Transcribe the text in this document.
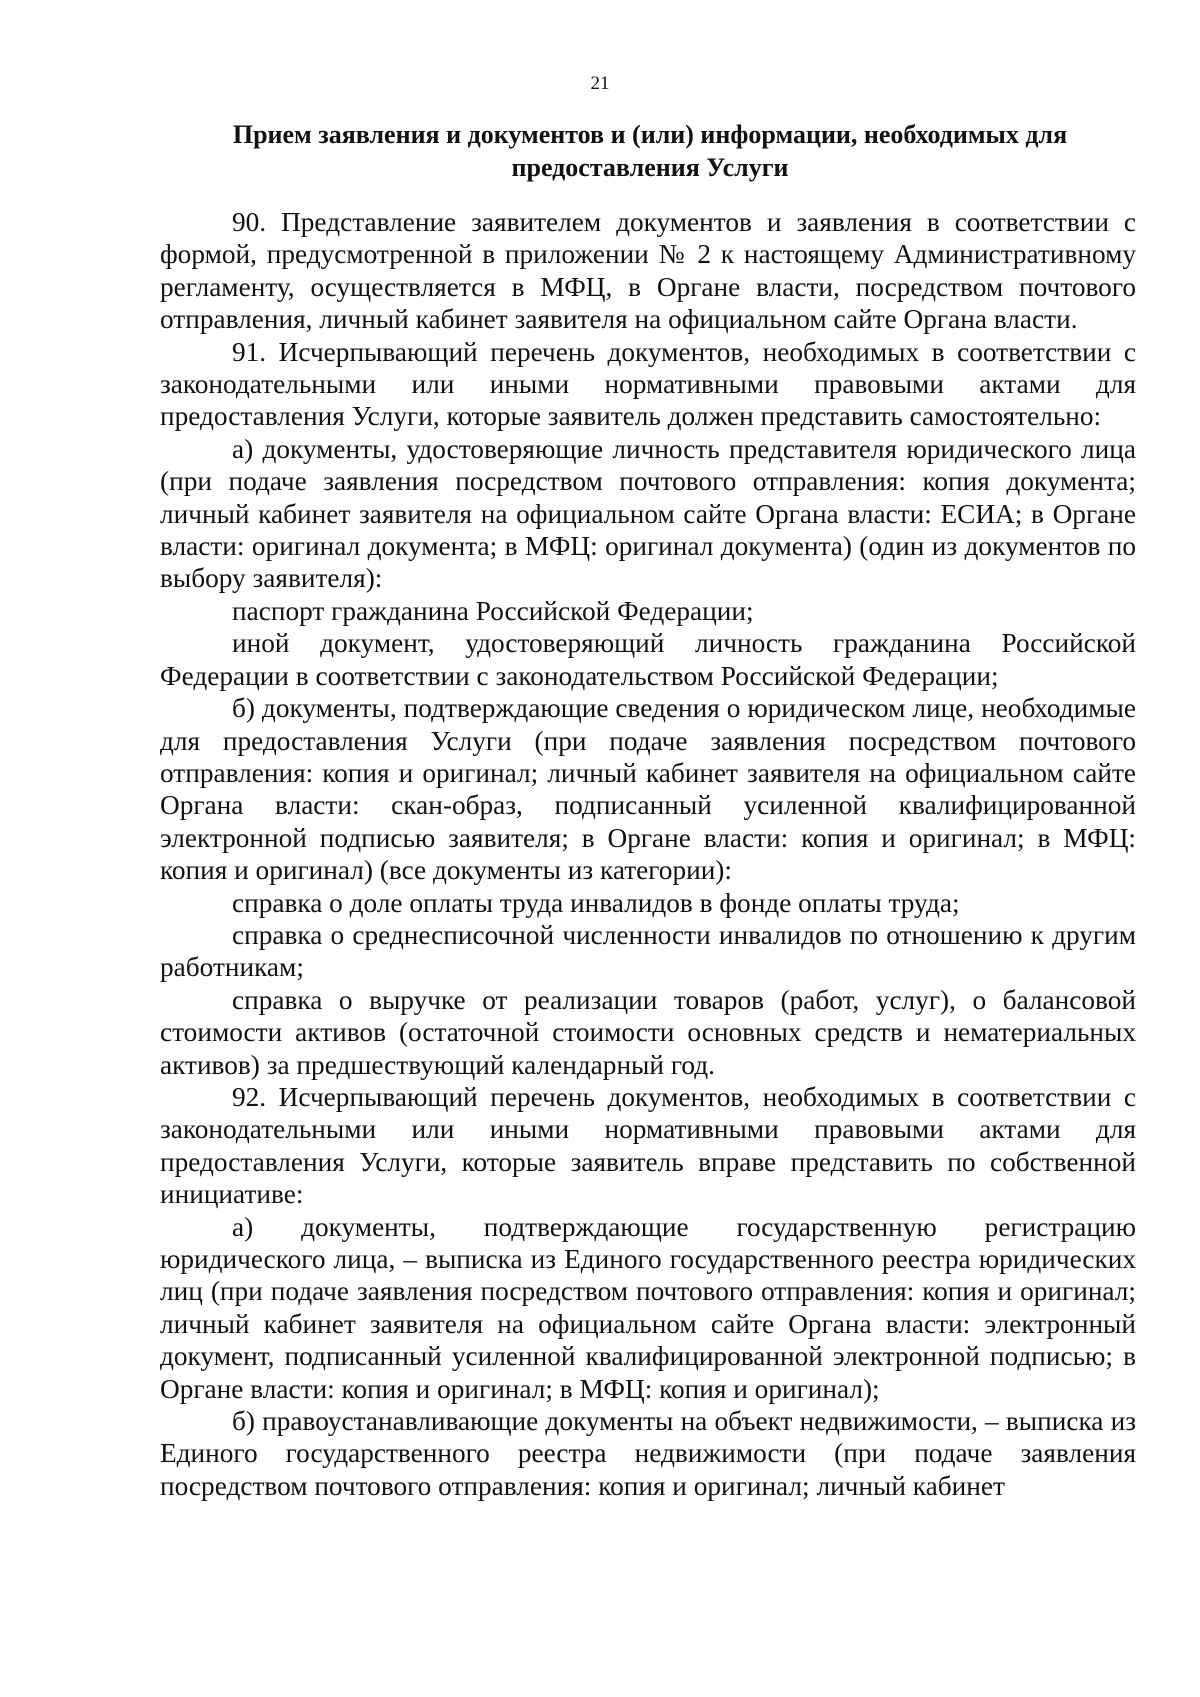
21
Прием заявления и документов и (или) информации, необходимых для предоставления Услуги

90. Представление заявителем документов и заявления в соответствии с формой, предусмотренной в приложении № 2 к настоящему Административному регламенту, осуществляется в МФЦ, в Органе власти, посредством почтового отправления, личный кабинет заявителя на официальном сайте Органа власти.

91. Исчерпывающий перечень документов, необходимых в соответствии с законодательными или иными нормативными правовыми актами для предоставления Услуги, которые заявитель должен представить самостоятельно:

а) документы, удостоверяющие личность представителя юридического лица (при подаче заявления посредством почтового отправления: копия документа; личный кабинет заявителя на официальном сайте Органа власти: ЕСИА; в Органе власти: оригинал документа; в МФЦ: оригинал документа) (один из документов по выбору заявителя):

паспорт гражданина Российской Федерации;

иной документ, удостоверяющий личность гражданина Российской Федерации в соответствии с законодательством Российской Федерации;

б) документы, подтверждающие сведения о юридическом лице, необходимые для предоставления Услуги (при подаче заявления посредством почтового отправления: копия и оригинал; личный кабинет заявителя на официальном сайте Органа власти: скан-образ, подписанный усиленной квалифицированной электронной подписью заявителя; в Органе власти: копия и оригинал; в МФЦ: копия и оригинал) (все документы из категории):

справка о доле оплаты труда инвалидов в фонде оплаты труда;

справка о среднесписочной численности инвалидов по отношению к другим работникам;

справка о выручке от реализации товаров (работ, услуг), о балансовой стоимости активов (остаточной стоимости основных средств и нематериальных активов) за предшествующий календарный год.

92. Исчерпывающий перечень документов, необходимых в соответствии с законодательными или иными нормативными правовыми актами для предоставления Услуги, которые заявитель вправе представить по собственной инициативе:

а) документы, подтверждающие государственную регистрацию юридического лица, – выписка из Единого государственного реестра юридических лиц (при подаче заявления посредством почтового отправления: копия и оригинал; личный кабинет заявителя на официальном сайте Органа власти: электронный документ, подписанный усиленной квалифицированной электронной подписью; в Органе власти: копия и оригинал; в МФЦ: копия и оригинал);

б) правоустанавливающие документы на объект недвижимости, – выписка из Единого государственного реестра недвижимости (при подаче заявления посредством почтового отправления: копия и оригинал; личный кабинет
